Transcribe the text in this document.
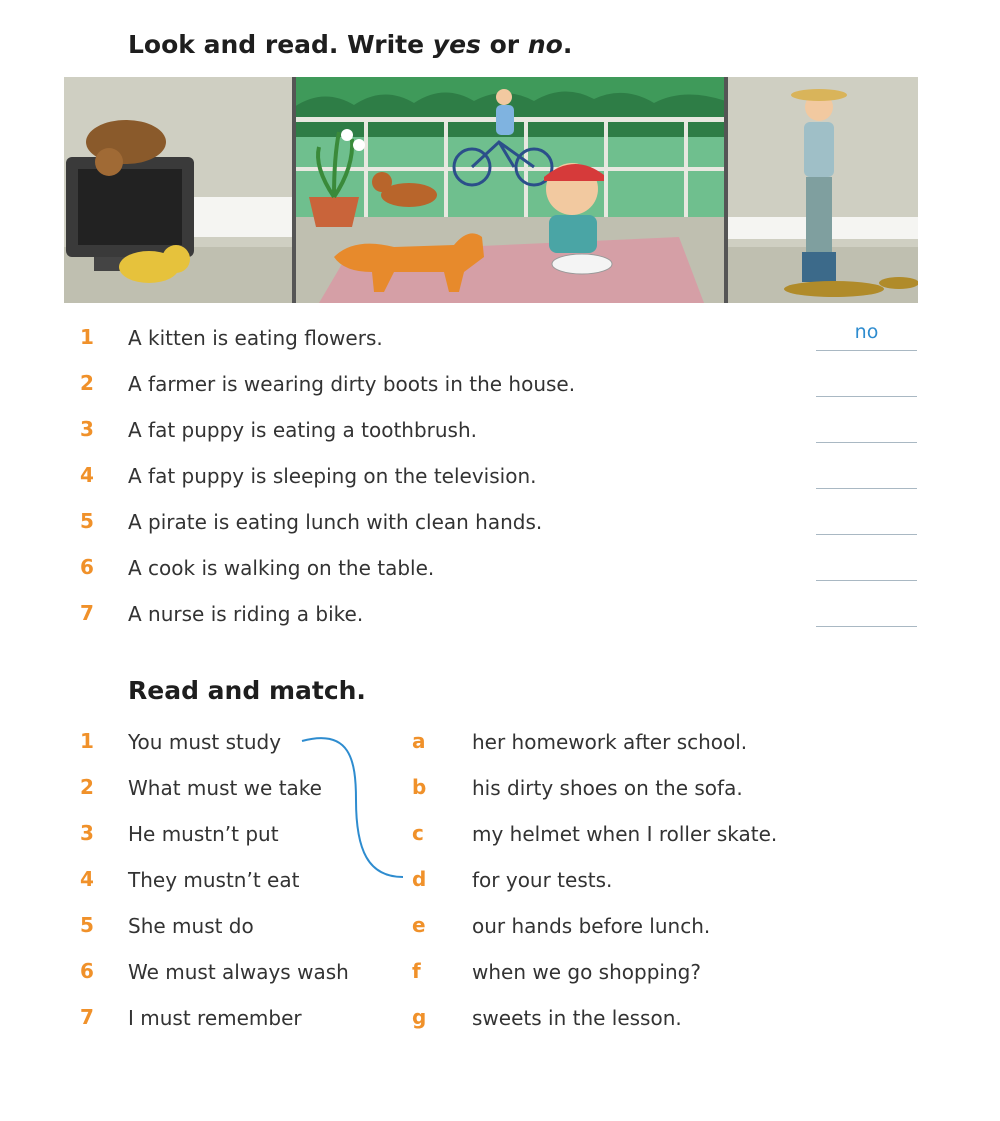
Look and read. Write yes or no.
1 A kitten is eating flowers.	no
2 A farmer is wearing dirty boots in the house.
3 A fat puppy is eating a toothbrush.
4 A fat puppy is sleeping on the television.
5 A pirate is eating lunch with clean hands.
6 A cook is walking on the table.
7 A nurse is riding a bike.
Read and match.
1 You must study	a her homework after school.
2 What must we take	b his dirty shoes on the sofa.
3 He mustn’t put	c my helmet when I roller skate.
4 They mustn’t eat	d for your tests.
5 She must do	e our hands before lunch.
6 We must always wash	f	when we go shopping?
7 I must remember	g sweets in the lesson.
